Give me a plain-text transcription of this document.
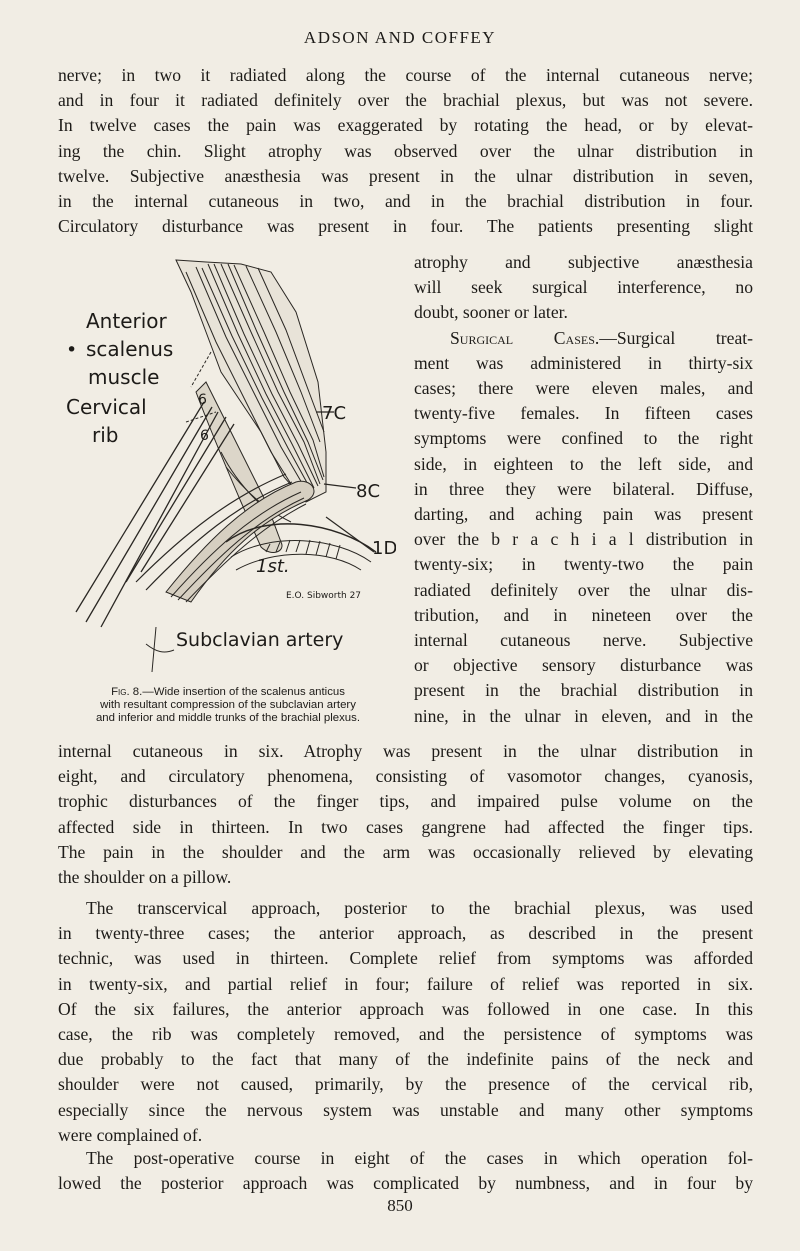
ADSON AND COFFEY
nerve; in two it radiated along the course of the internal cutaneous nerve;
and in four it radiated definitely over the brachial plexus, but was not severe.
In twelve cases the pain was exaggerated by rotating the head, or by elevat-
ing the chin. Slight atrophy was observed over the ulnar distribution in
twelve. Subjective anæsthesia was present in the ulnar distribution in seven,
in the internal cutaneous in two, and in the brachial distribution in four.
Circulatory disturbance was present in four. The patients presenting slight
atrophy and subjective anæsthesia
will seek surgical interference, no
doubt, sooner or later.
Surgical Cases.—Surgical treat-
ment was administered in thirty-six
cases; there were eleven males, and
twenty-five females. In fifteen cases
symptoms were confined to the right
side, in eighteen to the left side, and
in three they were bilateral. Diffuse,
darting, and aching pain was present
over the b r a c h i a l distribution in
twenty-six; in twenty-two the pain
radiated definitely over the ulnar dis-
tribution, and in nineteen over the
internal cutaneous nerve. Subjective
or objective sensory disturbance was
present in the brachial distribution in
nine, in the ulnar in eleven, and in the
Anterior
• scalenus
muscle
Cervical
rib
6
6
7C
8C
1D
1st.
E.O. Sibworth 27
Subclavian artery
Fig. 8.—Wide insertion of the scalenus anticus
with resultant compression of the subclavian artery
and inferior and middle trunks of the brachial plexus.
internal cutaneous in six. Atrophy was present in the ulnar distribution in
eight, and circulatory phenomena, consisting of vasomotor changes, cyanosis,
trophic disturbances of the finger tips, and impaired pulse volume on the
affected side in thirteen. In two cases gangrene had affected the finger tips.
The pain in the shoulder and the arm was occasionally relieved by elevating
the shoulder on a pillow.
The transcervical approach, posterior to the brachial plexus, was used
in twenty-three cases; the anterior approach, as described in the present
technic, was used in thirteen. Complete relief from symptoms was afforded
in twenty-six, and partial relief in four; failure of relief was reported in six.
Of the six failures, the anterior approach was followed in one case. In this
case, the rib was completely removed, and the persistence of symptoms was
due probably to the fact that many of the indefinite pains of the neck and
shoulder were not caused, primarily, by the presence of the cervical rib,
especially since the nervous system was unstable and many other symptoms
were complained of.
The post-operative course in eight of the cases in which operation fol-
lowed the posterior approach was complicated by numbness, and in four by
850
